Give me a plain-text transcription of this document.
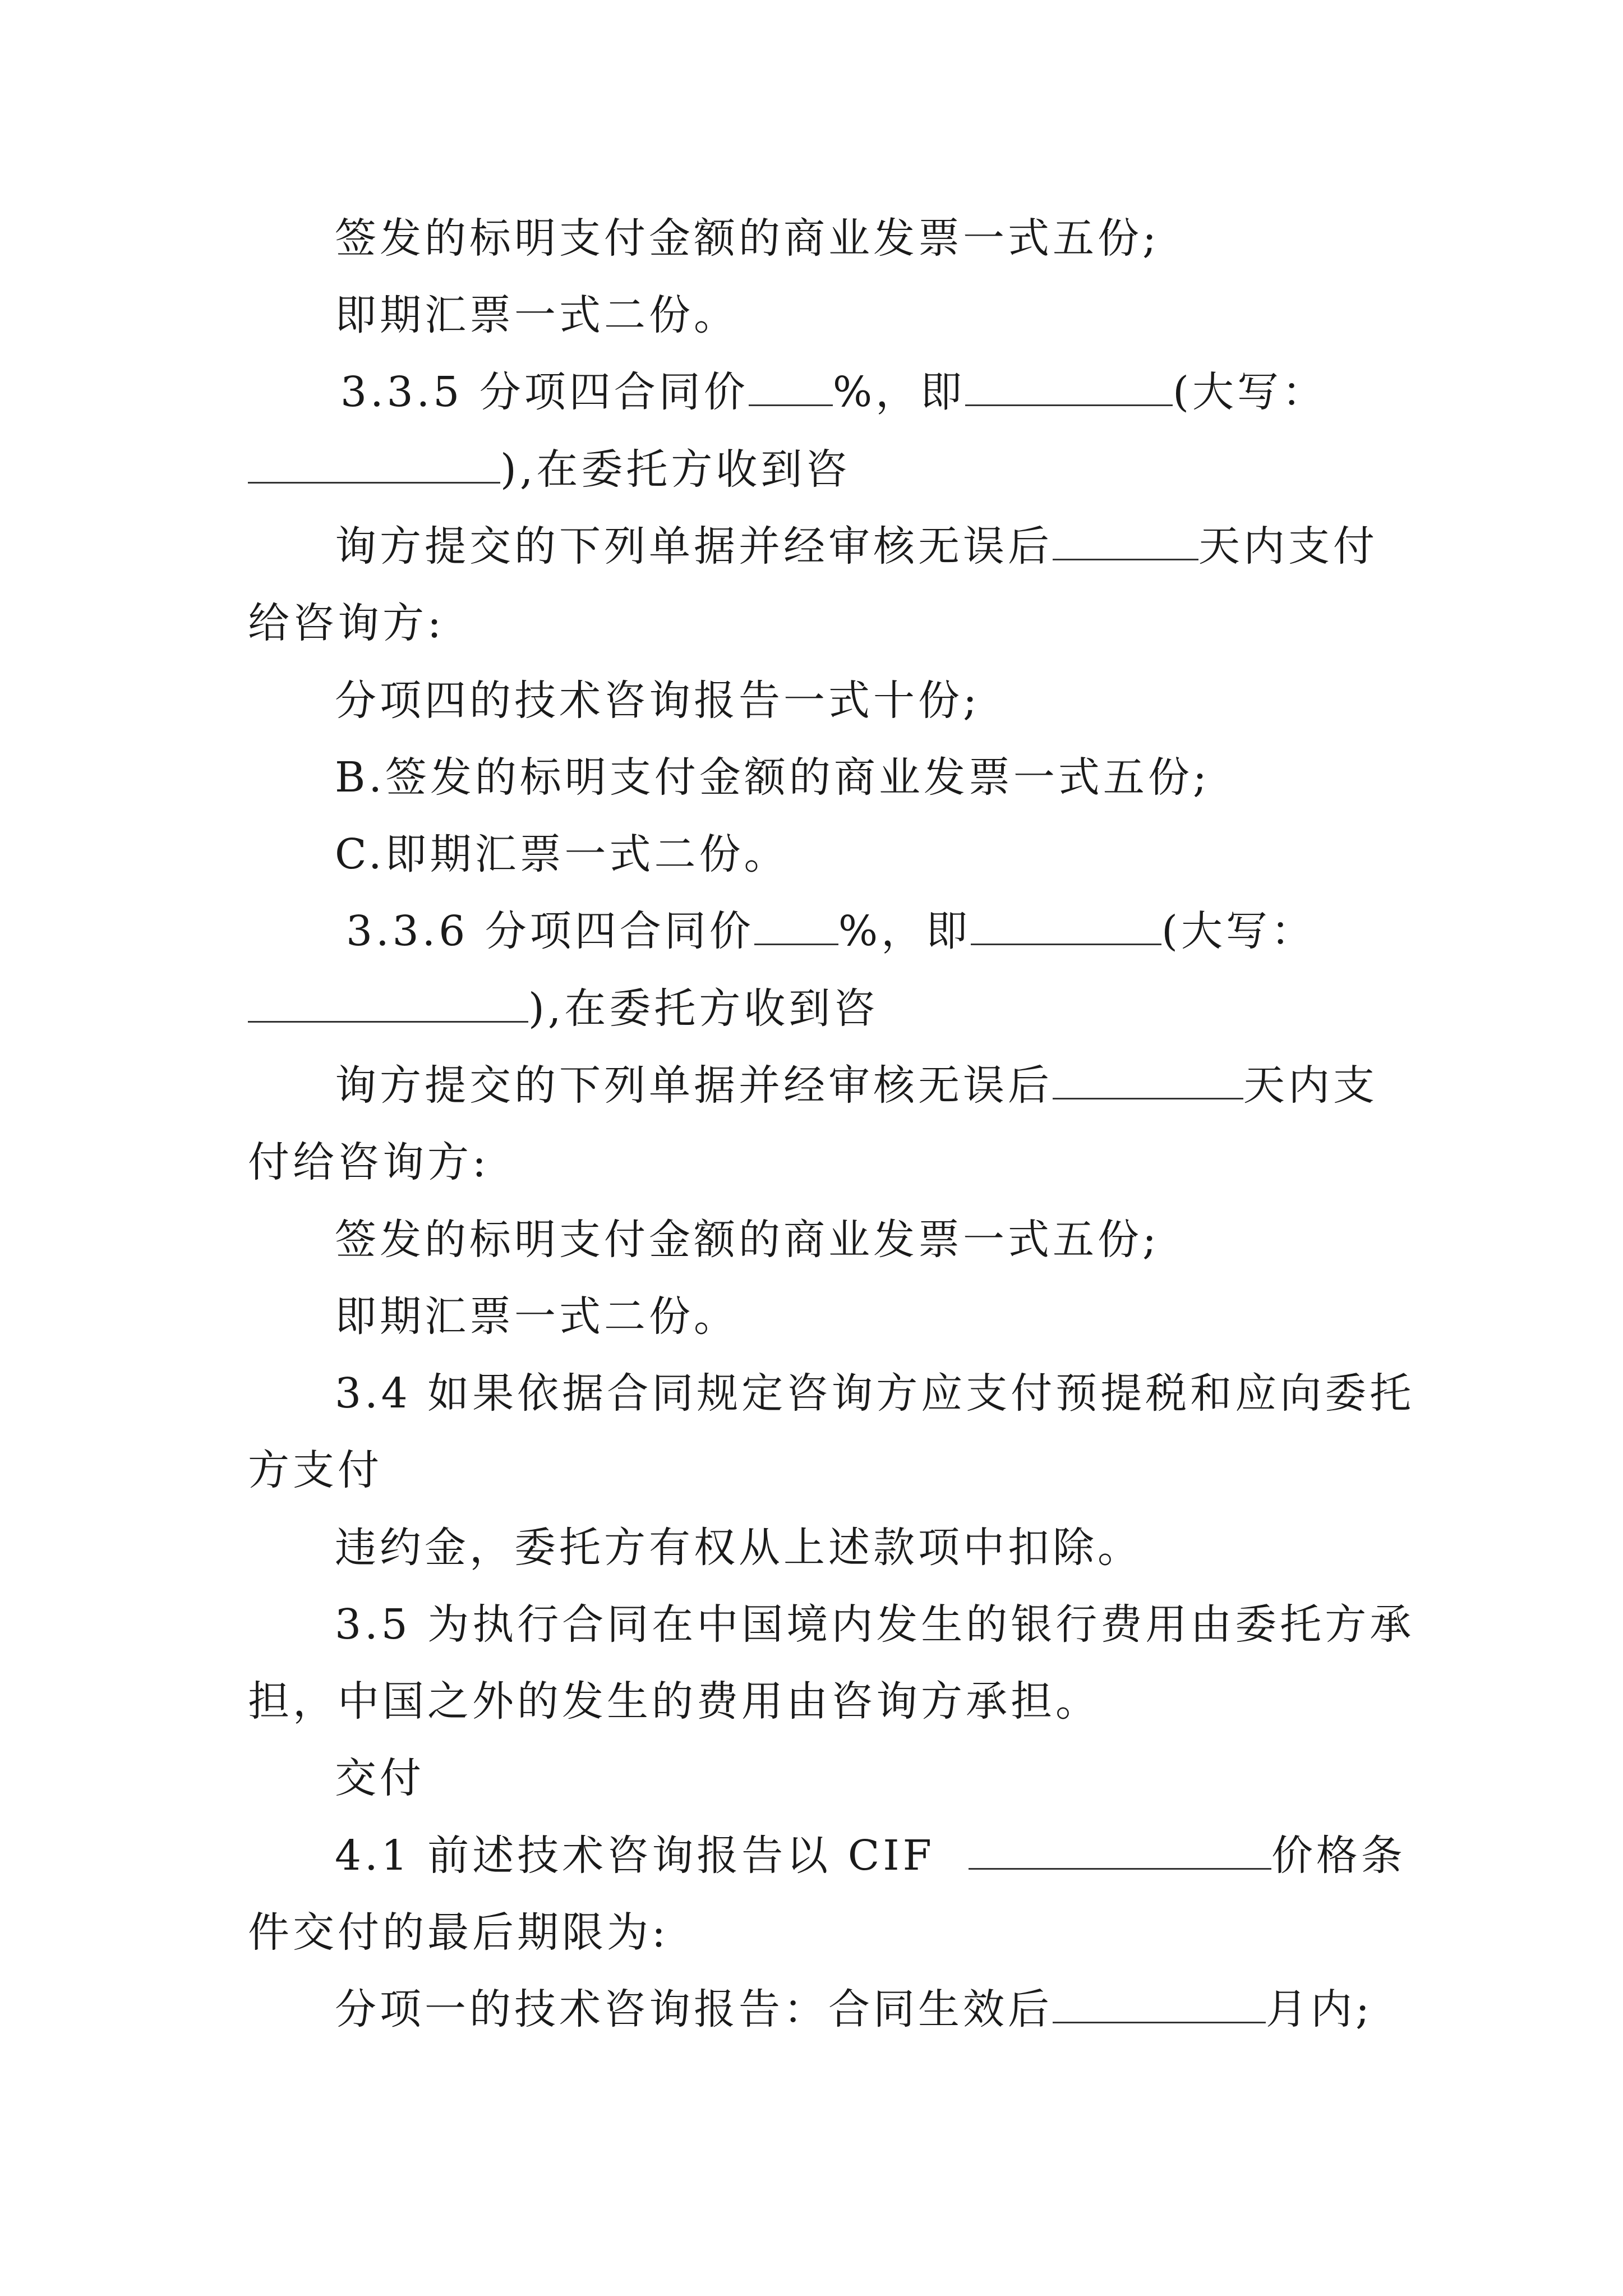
签发的标明支付金额的商业发票一式五份;
即期汇票一式二份。
3.3.5 分项四合同价 %，即	(大写：
),在委托方收到咨
询方提交的下列单据并经审核无误后	天内支付
给咨询方:
分项四的技术咨询报告一式十份;
B.签发的标明支付金额的商业发票一式五份;
C.即期汇票一式二份。
3.3.6 分项四合同价 %，即	(大写：
),在委托方收到咨
询方提交的下列单据并经审核无误后	天内支
付给咨询方:
签发的标明支付金额的商业发票一式五份;
即期汇票一式二份。
3.4 如果依据合同规定咨询方应支付预提税和应向委托
方支付
违约金，委托方有权从上述款项中扣除。
3.5 为执行合同在中国境内发生的银行费用由委托方承
担，中国之外的发生的费用由咨询方承担。
交付
4.1 前述技术咨询报告以 CIF	价格条
件交付的最后期限为:
分项一的技术咨询报告：合同生效后	月内;
